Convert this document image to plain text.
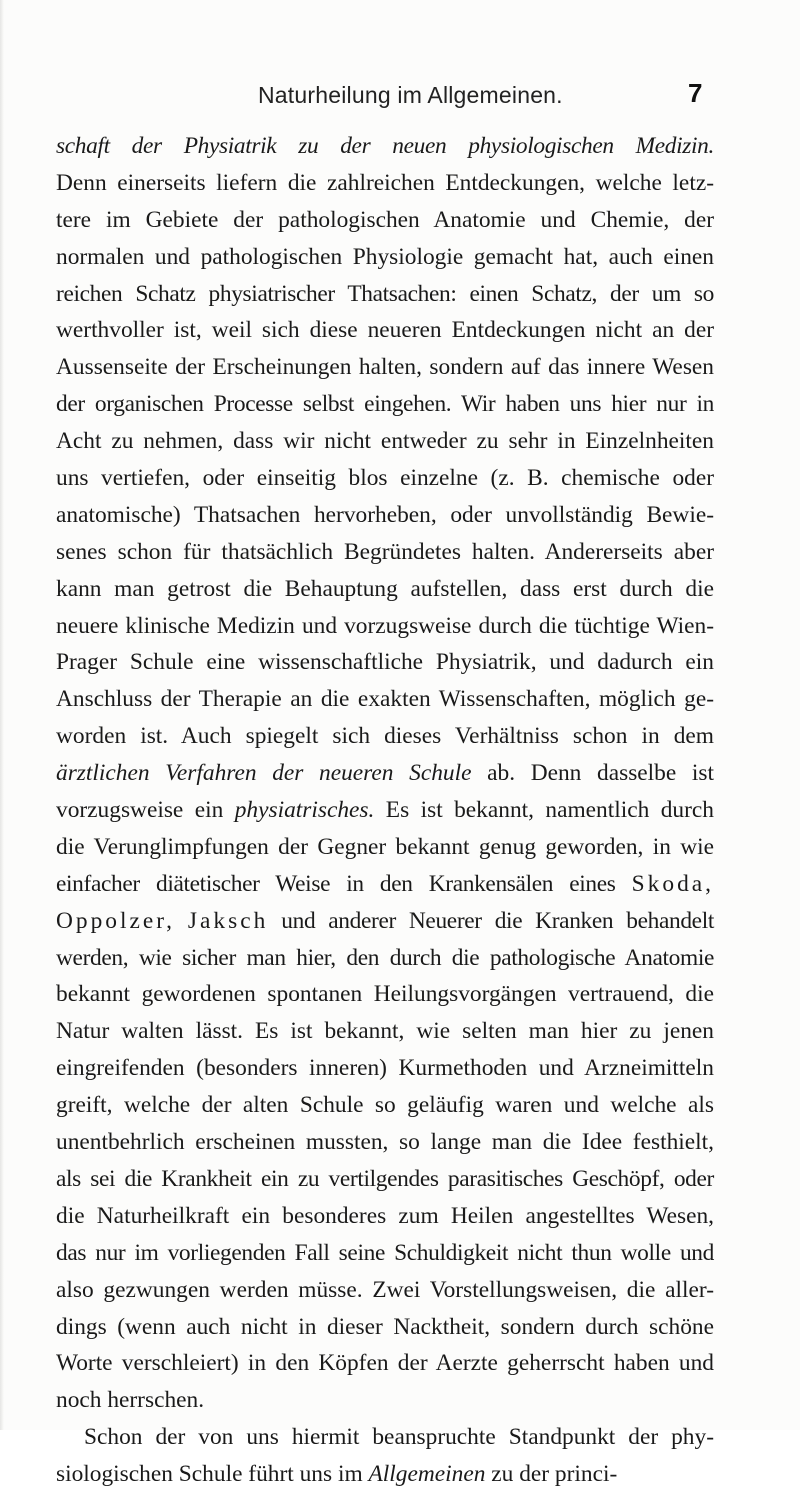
Naturheilung im Allgemeinen.	7
schaft der Physiatrik zu der neuen physiologischen Medizin.
Denn einerseits liefern die zahlreichen Entdeckungen, welche letz-
tere im Gebiete der pathologischen Anatomie und Chemie, der
normalen und pathologischen Physiologie gemacht hat, auch einen
reichen Schatz physiatrischer Thatsachen: einen Schatz, der um so
werthvoller ist, weil sich diese neueren Entdeckungen nicht an der
Aussenseite der Erscheinungen halten, sondern auf das innere Wesen
der organischen Processe selbst eingehen. Wir haben uns hier nur in
Acht zu nehmen, dass wir nicht entweder zu sehr in Einzelnheiten
uns vertiefen, oder einseitig blos einzelne (z. B. chemische oder
anatomische) Thatsachen hervorheben, oder unvollständig Bewie-
senes schon für thatsächlich Begründetes halten. Andererseits aber
kann man getrost die Behauptung aufstellen, dass erst durch die
neuere klinische Medizin und vorzugsweise durch die tüchtige Wien-
Prager Schule eine wissenschaftliche Physiatrik, und dadurch ein
Anschluss der Therapie an die exakten Wissenschaften, möglich ge-
worden ist. Auch spiegelt sich dieses Verhältniss schon in dem
ärztlichen Verfahren der neueren Schule ab. Denn dasselbe ist
vorzugsweise ein physiatrisches. Es ist bekannt, namentlich durch
die Verunglimpfungen der Gegner bekannt genug geworden, in wie
einfacher diätetischer Weise in den Krankensälen eines Skoda,
Oppolzer, Jaksch und anderer Neuerer die Kranken behandelt
werden, wie sicher man hier, den durch die pathologische Anatomie
bekannt gewordenen spontanen Heilungsvorgängen vertrauend, die
Natur walten lässt. Es ist bekannt, wie selten man hier zu jenen
eingreifenden (besonders inneren) Kurmethoden und Arzneimitteln
greift, welche der alten Schule so geläufig waren und welche als
unentbehrlich erscheinen mussten, so lange man die Idee festhielt,
als sei die Krankheit ein zu vertilgendes parasitisches Geschöpf, oder
die Naturheilkraft ein besonderes zum Heilen angestelltes Wesen,
das nur im vorliegenden Fall seine Schuldigkeit nicht thun wolle und
also gezwungen werden müsse. Zwei Vorstellungsweisen, die aller-
dings (wenn auch nicht in dieser Nacktheit, sondern durch schöne
Worte verschleiert) in den Köpfen der Aerzte geherrscht haben und
noch herrschen.
Schon der von uns hiermit beanspruchte Standpunkt der phy-
siologischen Schule führt uns im Allgemeinen zu der princi-
